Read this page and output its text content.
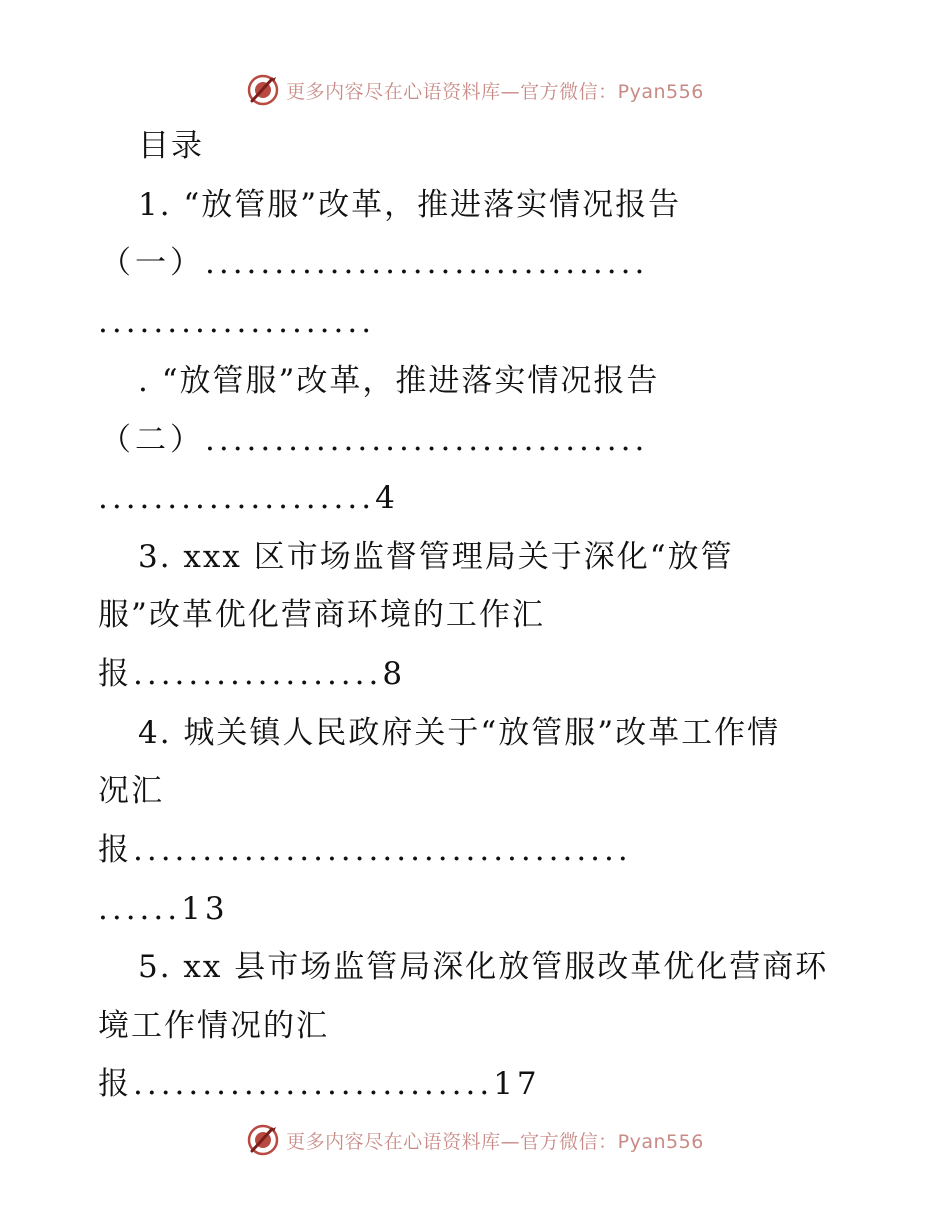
更多内容尽在心语资料库—官方微信：Pyan556
目录
1. “放管服”改革，推进落实情况报告
（一）................................
....................
. “放管服”改革，推进落实情况报告
（二）................................
....................4
3. xxx 区市场监督管理局关于深化“放管
服”改革优化营商环境的工作汇
报..................8
4. 城关镇人民政府关于“放管服”改革工作情
况汇
报....................................
......13
5. xx 县市场监管局深化放管服改革优化营商环
境工作情况的汇
报..........................17
更多内容尽在心语资料库—官方微信：Pyan556
